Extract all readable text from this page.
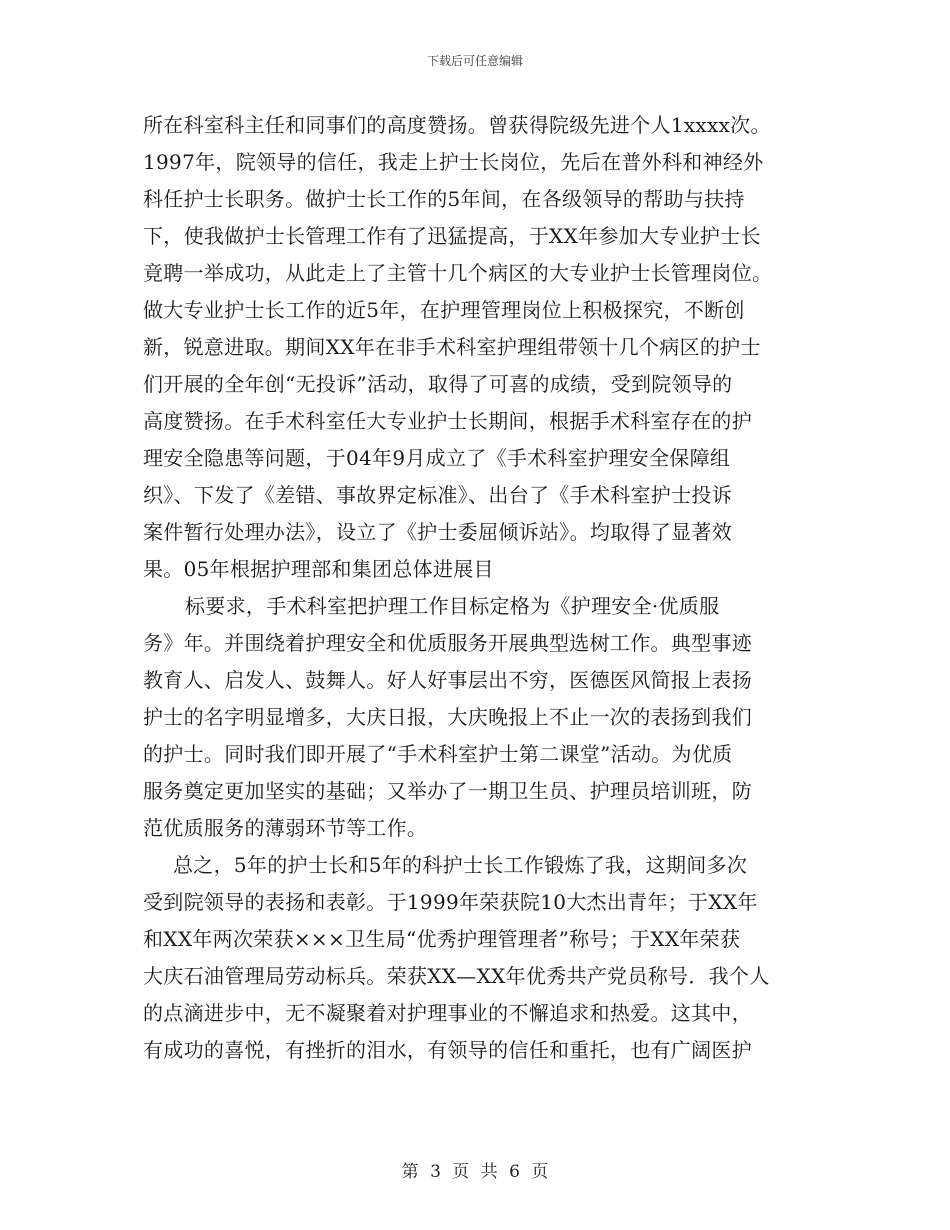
下载后可任意编辑
所在科室科主任和同事们的高度赞扬。曾获得院级先进个人1xxxx次。
1997年，院领导的信任，我走上护士长岗位，先后在普外科和神经外
科任护士长职务。做护士长工作的5年间，在各级领导的帮助与扶持
下，使我做护士长管理工作有了迅猛提高，于XX年参加大专业护士长
竟聘一举成功，从此走上了主管十几个病区的大专业护士长管理岗位。
做大专业护士长工作的近5年，在护理管理岗位上积极探究，不断创
新，锐意进取。期间XX年在非手术科室护理组带领十几个病区的护士
们开展的全年创“无投诉”活动，取得了可喜的成绩，受到院领导的
高度赞扬。在手术科室任大专业护士长期间，根据手术科室存在的护
理安全隐患等问题，于04年9月成立了《手术科室护理安全保障组
织》、下发了《差错、事故界定标准》、出台了《手术科室护士投诉
案件暂行处理办法》，设立了《护士委屈倾诉站》。均取得了显著效
果。05年根据护理部和集团总体进展目
标要求，手术科室把护理工作目标定格为《护理安全·优质服
务》年。并围绕着护理安全和优质服务开展典型选树工作。典型事迹
教育人、启发人、鼓舞人。好人好事层出不穷，医德医风简报上表扬
护士的名字明显增多，大庆日报，大庆晚报上不止一次的表扬到我们
的护士。同时我们即开展了“手术科室护士第二课堂”活动。为优质
服务奠定更加坚实的基础；又举办了一期卫生员、护理员培训班，防
范优质服务的薄弱环节等工作。
总之，5年的护士长和5年的科护士长工作锻炼了我，这期间多次
受到院领导的表扬和表彰。于1999年荣获院10大杰出青年；于XX年
和XX年两次荣获×××卫生局“优秀护理管理者”称号；于XX年荣获
大庆石油管理局劳动标兵。荣获XX—XX年优秀共产党员称号．我个人
的点滴进步中，无不凝聚着对护理事业的不懈追求和热爱。这其中，
有成功的喜悦，有挫折的泪水，有领导的信任和重托，也有广阔医护
第 3 页 共 6 页
